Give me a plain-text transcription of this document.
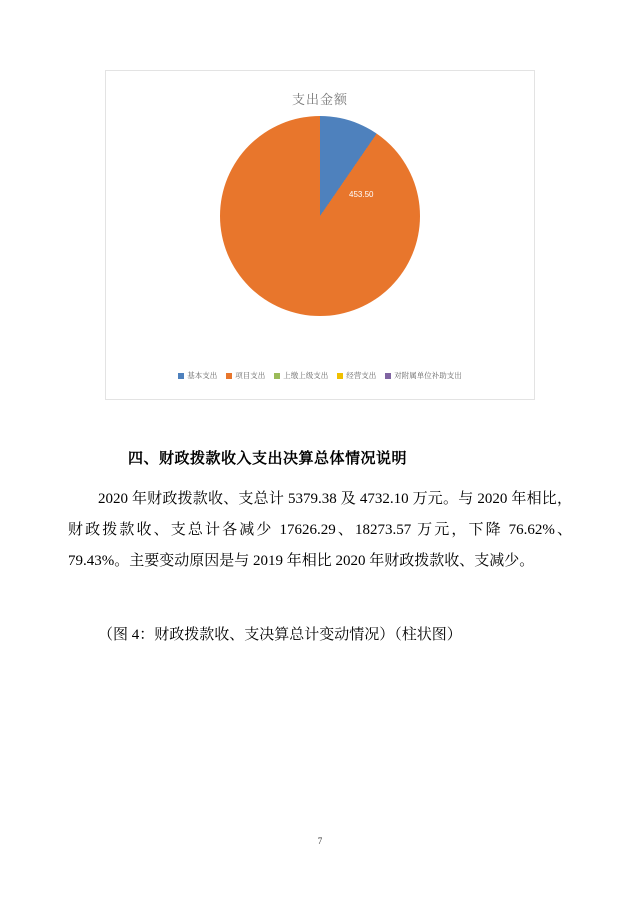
支出金额
453.50
4278.60
基本支出 项目支出 上缴上级支出 经营支出 对附属单位补助支出
四、财政拨款收入支出决算总体情况说明

2020 年财政拨款收、支总计 5379.38 及 4732.10 万元。与 2020 年相比，财政拨款收、支总计各减少 17626.29、18273.57 万元，下降 76.62%、79.43%。主要变动原因是与 2019 年相比 2020 年财政拨款收、支减少。

（图 4：财政拨款收、支决算总计变动情况）（柱状图）
7
